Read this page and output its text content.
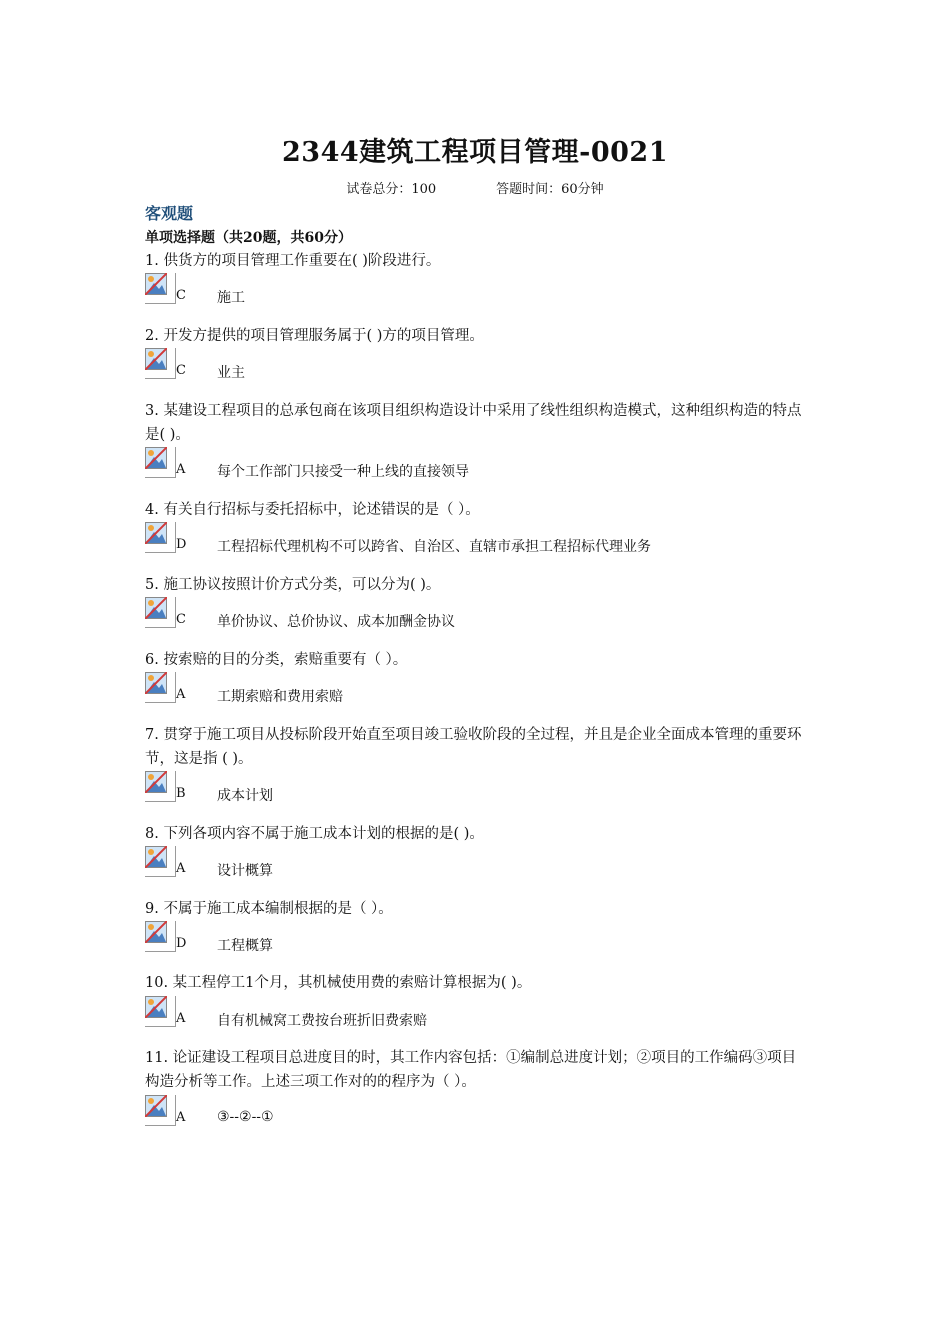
2344建筑工程项目管理-0021
试卷总分：100	答题时间：60分钟
客观题
单项选择题（共20题，共60分）
1. 供货方的项目管理工作重要在( )阶段进行。
C 施工
2. 开发方提供的项目管理服务属于( )方的项目管理。
C 业主
3. 某建设工程项目的总承包商在该项目组织构造设计中采用了线性组织构造模式，这种组织构造的特点是( )。
A 每个工作部门只接受一种上线的直接领导
4. 有关自行招标与委托招标中，论述错误的是（ ）。
D 工程招标代理机构不可以跨省、自治区、直辖市承担工程招标代理业务
5. 施工协议按照计价方式分类，可以分为( )。
C 单价协议、总价协议、成本加酬金协议
6. 按索赔的目的分类，索赔重要有（ ）。
A 工期索赔和费用索赔
7. 贯穿于施工项目从投标阶段开始直至项目竣工验收阶段的全过程，并且是企业全面成本管理的重要环节，这是指 ( )。
B 成本计划
8. 下列各项内容不属于施工成本计划的根据的是( )。
A 设计概算
9. 不属于施工成本编制根据的是（ ）。
D 工程概算
10. 某工程停工1个月，其机械使用费的索赔计算根据为( )。
A 自有机械窝工费按台班折旧费索赔
11. 论证建设工程项目总进度目的时，其工作内容包括：①编制总进度计划；②项目的工作编码③项目构造分析等工作。上述三项工作对的的程序为（ ）。
A ③--②--①
